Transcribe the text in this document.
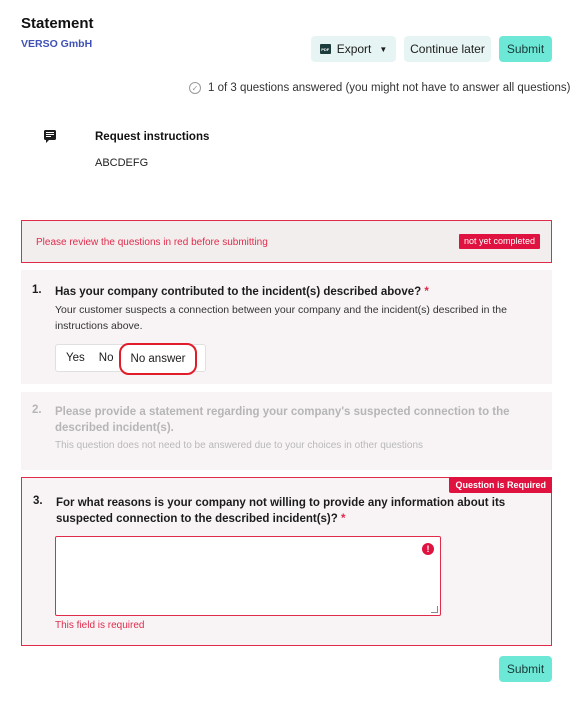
Statement
VERSO GmbH	PDF Export ▼	Continue later	Submit
✓ 1 of 3 questions answered (you might not have to answer all questions)
Request instructions
ABCDEFG
Please review the questions in red before submitting	not yet completed
1. Has your company contributed to the incident(s) described above? *
Your customer suspects a connection between your company and the incident(s) described in the instructions above.
Yes	No	No answer
2. Please provide a statement regarding your company's suspected connection to the described incident(s).
This question does not need to be answered due to your choices in other questions
Question is Required
3. For what reasons is your company not willing to provide any information about its suspected connection to the described incident(s)? *
!
This field is required
Submit
